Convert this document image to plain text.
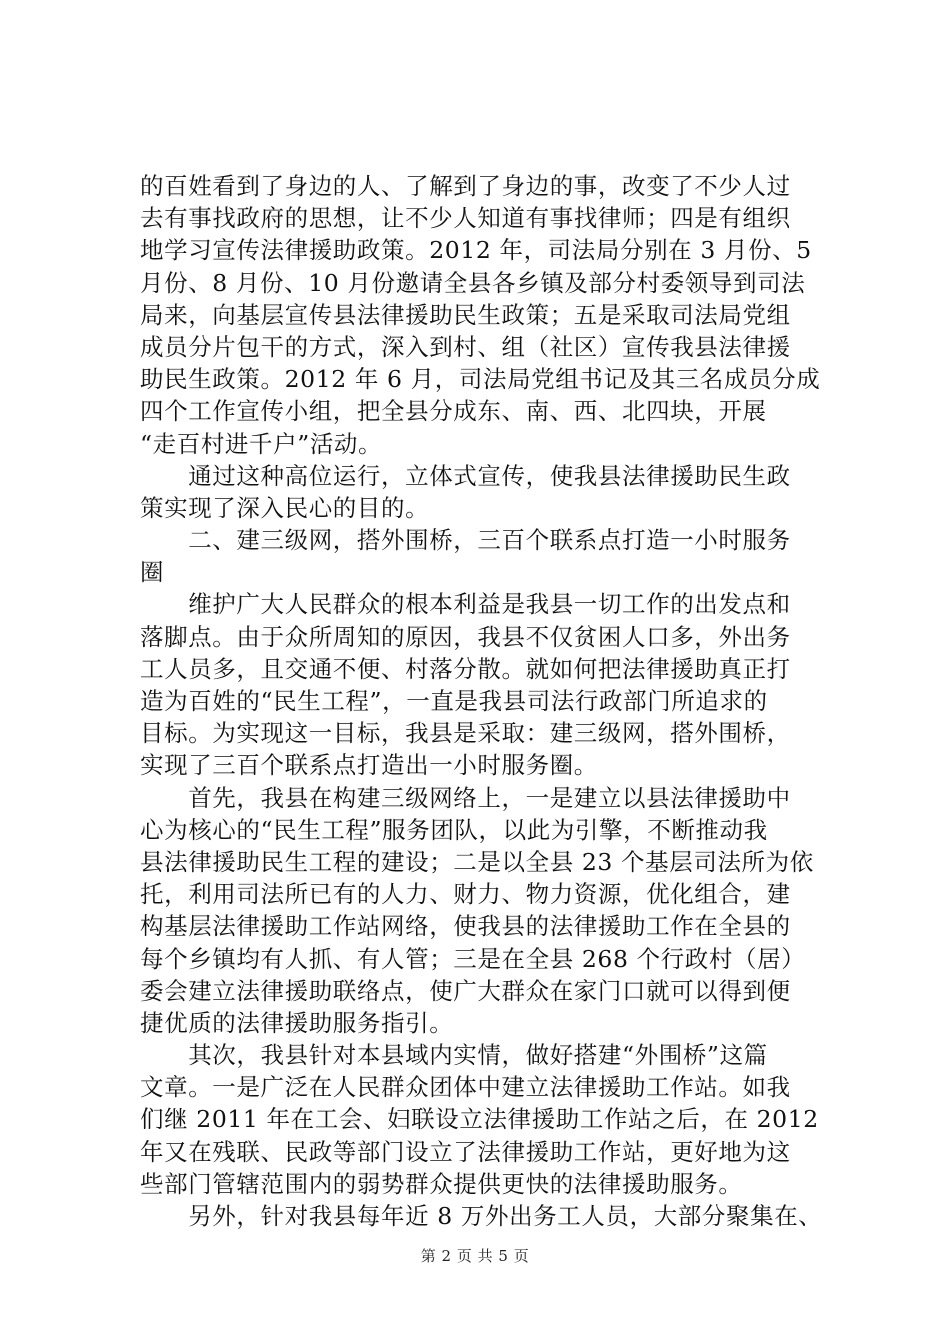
的百姓看到了身边的人、了解到了身边的事，改变了不少人过
去有事找政府的思想，让不少人知道有事找律师；四是有组织
地学习宣传法律援助政策。2012 年，司法局分别在 3 月份、5
月份、8 月份、10 月份邀请全县各乡镇及部分村委领导到司法
局来，向基层宣传县法律援助民生政策；五是采取司法局党组
成员分片包干的方式，深入到村、组（社区）宣传我县法律援
助民生政策。2012 年 6 月，司法局党组书记及其三名成员分成
四个工作宣传小组，把全县分成东、南、西、北四块，开展
“走百村进千户”活动。
　　通过这种高位运行，立体式宣传，使我县法律援助民生政
策实现了深入民心的目的。
　　二、建三级网，搭外围桥，三百个联系点打造一小时服务
圈
　　维护广大人民群众的根本利益是我县一切工作的出发点和
落脚点。由于众所周知的原因，我县不仅贫困人口多，外出务
工人员多，且交通不便、村落分散。就如何把法律援助真正打
造为百姓的“民生工程”，一直是我县司法行政部门所追求的
目标。为实现这一目标，我县是采取：建三级网，搭外围桥，
实现了三百个联系点打造出一小时服务圈。
　　首先，我县在构建三级网络上，一是建立以县法律援助中
心为核心的“民生工程”服务团队，以此为引擎，不断推动我
县法律援助民生工程的建设；二是以全县 23 个基层司法所为依
托，利用司法所已有的人力、财力、物力资源，优化组合，建
构基层法律援助工作站网络，使我县的法律援助工作在全县的
每个乡镇均有人抓、有人管；三是在全县 268 个行政村（居）
委会建立法律援助联络点，使广大群众在家门口就可以得到便
捷优质的法律援助服务指引。
　　其次，我县针对本县域内实情，做好搭建“外围桥”这篇
文章。一是广泛在人民群众团体中建立法律援助工作站。如我
们继 2011 年在工会、妇联设立法律援助工作站之后，在 2012
年又在残联、民政等部门设立了法律援助工作站，更好地为这
些部门管辖范围内的弱势群众提供更快的法律援助服务。
　　另外，针对我县每年近 8 万外出务工人员，大部分聚集在、
第 2 页 共 5 页
